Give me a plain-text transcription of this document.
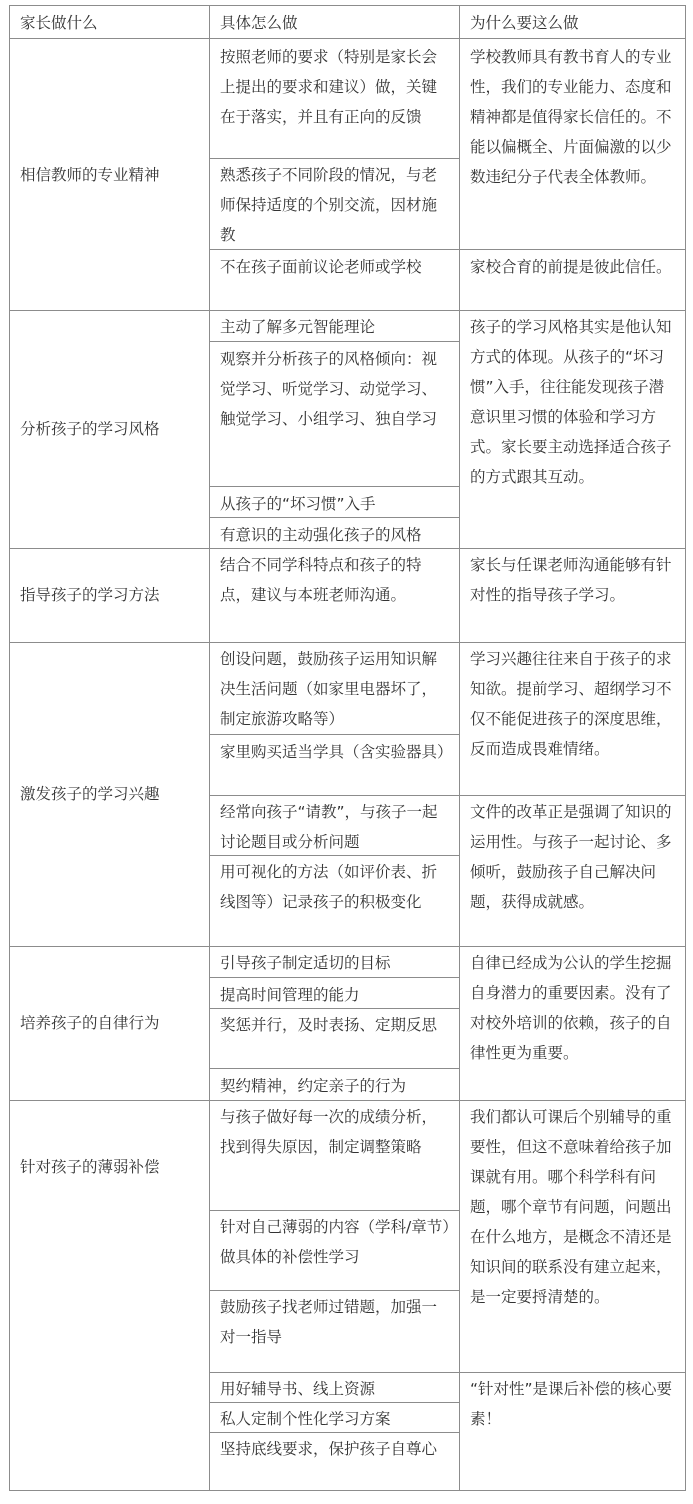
家长做什么	具体怎么做	为什么要这么做
相信教师的专业精神
按照老师的要求（特别是家长会上提出的要求和建议）做，关键在于落实，并且有正向的反馈
熟悉孩子不同阶段的情况，与老师保持适度的个别交流，因材施教
不在孩子面前议论老师或学校
学校教师具有教书育人的专业性，我们的专业能力、态度和精神都是值得家长信任的。不能以偏概全、片面偏激的以少数违纪分子代表全体教师。
家校合育的前提是彼此信任。
分析孩子的学习风格
主动了解多元智能理论
观察并分析孩子的风格倾向：视觉学习、听觉学习、动觉学习、触觉学习、小组学习、独自学习
从孩子的“坏习惯”入手
有意识的主动强化孩子的风格
孩子的学习风格其实是他认知方式的体现。从孩子的“坏习惯”入手，往往能发现孩子潜意识里习惯的体验和学习方式。家长要主动选择适合孩子的方式跟其互动。
指导孩子的学习方法
结合不同学科特点和孩子的特点，建议与本班老师沟通。
家长与任课老师沟通能够有针对性的指导孩子学习。
激发孩子的学习兴趣
创设问题，鼓励孩子运用知识解决生活问题（如家里电器坏了，制定旅游攻略等）
家里购买适当学具（含实验器具）
经常向孩子“请教”，与孩子一起讨论题目或分析问题
用可视化的方法（如评价表、折线图等）记录孩子的积极变化
学习兴趣往往来自于孩子的求知欲。提前学习、超纲学习不仅不能促进孩子的深度思维，反而造成畏难情绪。
文件的改革正是强调了知识的运用性。与孩子一起讨论、多倾听，鼓励孩子自己解决问题，获得成就感。
培养孩子的自律行为
引导孩子制定适切的目标
提高时间管理的能力
奖惩并行，及时表扬、定期反思
契约精神，约定亲子的行为
自律已经成为公认的学生挖掘自身潜力的重要因素。没有了对校外培训的依赖，孩子的自律性更为重要。
针对孩子的薄弱补偿
与孩子做好每一次的成绩分析，找到得失原因，制定调整策略
针对自己薄弱的内容（学科/章节）做具体的补偿性学习
鼓励孩子找老师过错题，加强一对一指导
用好辅导书、线上资源
私人定制个性化学习方案
坚持底线要求，保护孩子自尊心
我们都认可课后个别辅导的重要性，但这不意味着给孩子加课就有用。哪个科学科有问题，哪个章节有问题，问题出在什么地方，是概念不清还是知识间的联系没有建立起来，是一定要捋清楚的。
“针对性”是课后补偿的核心要素！
